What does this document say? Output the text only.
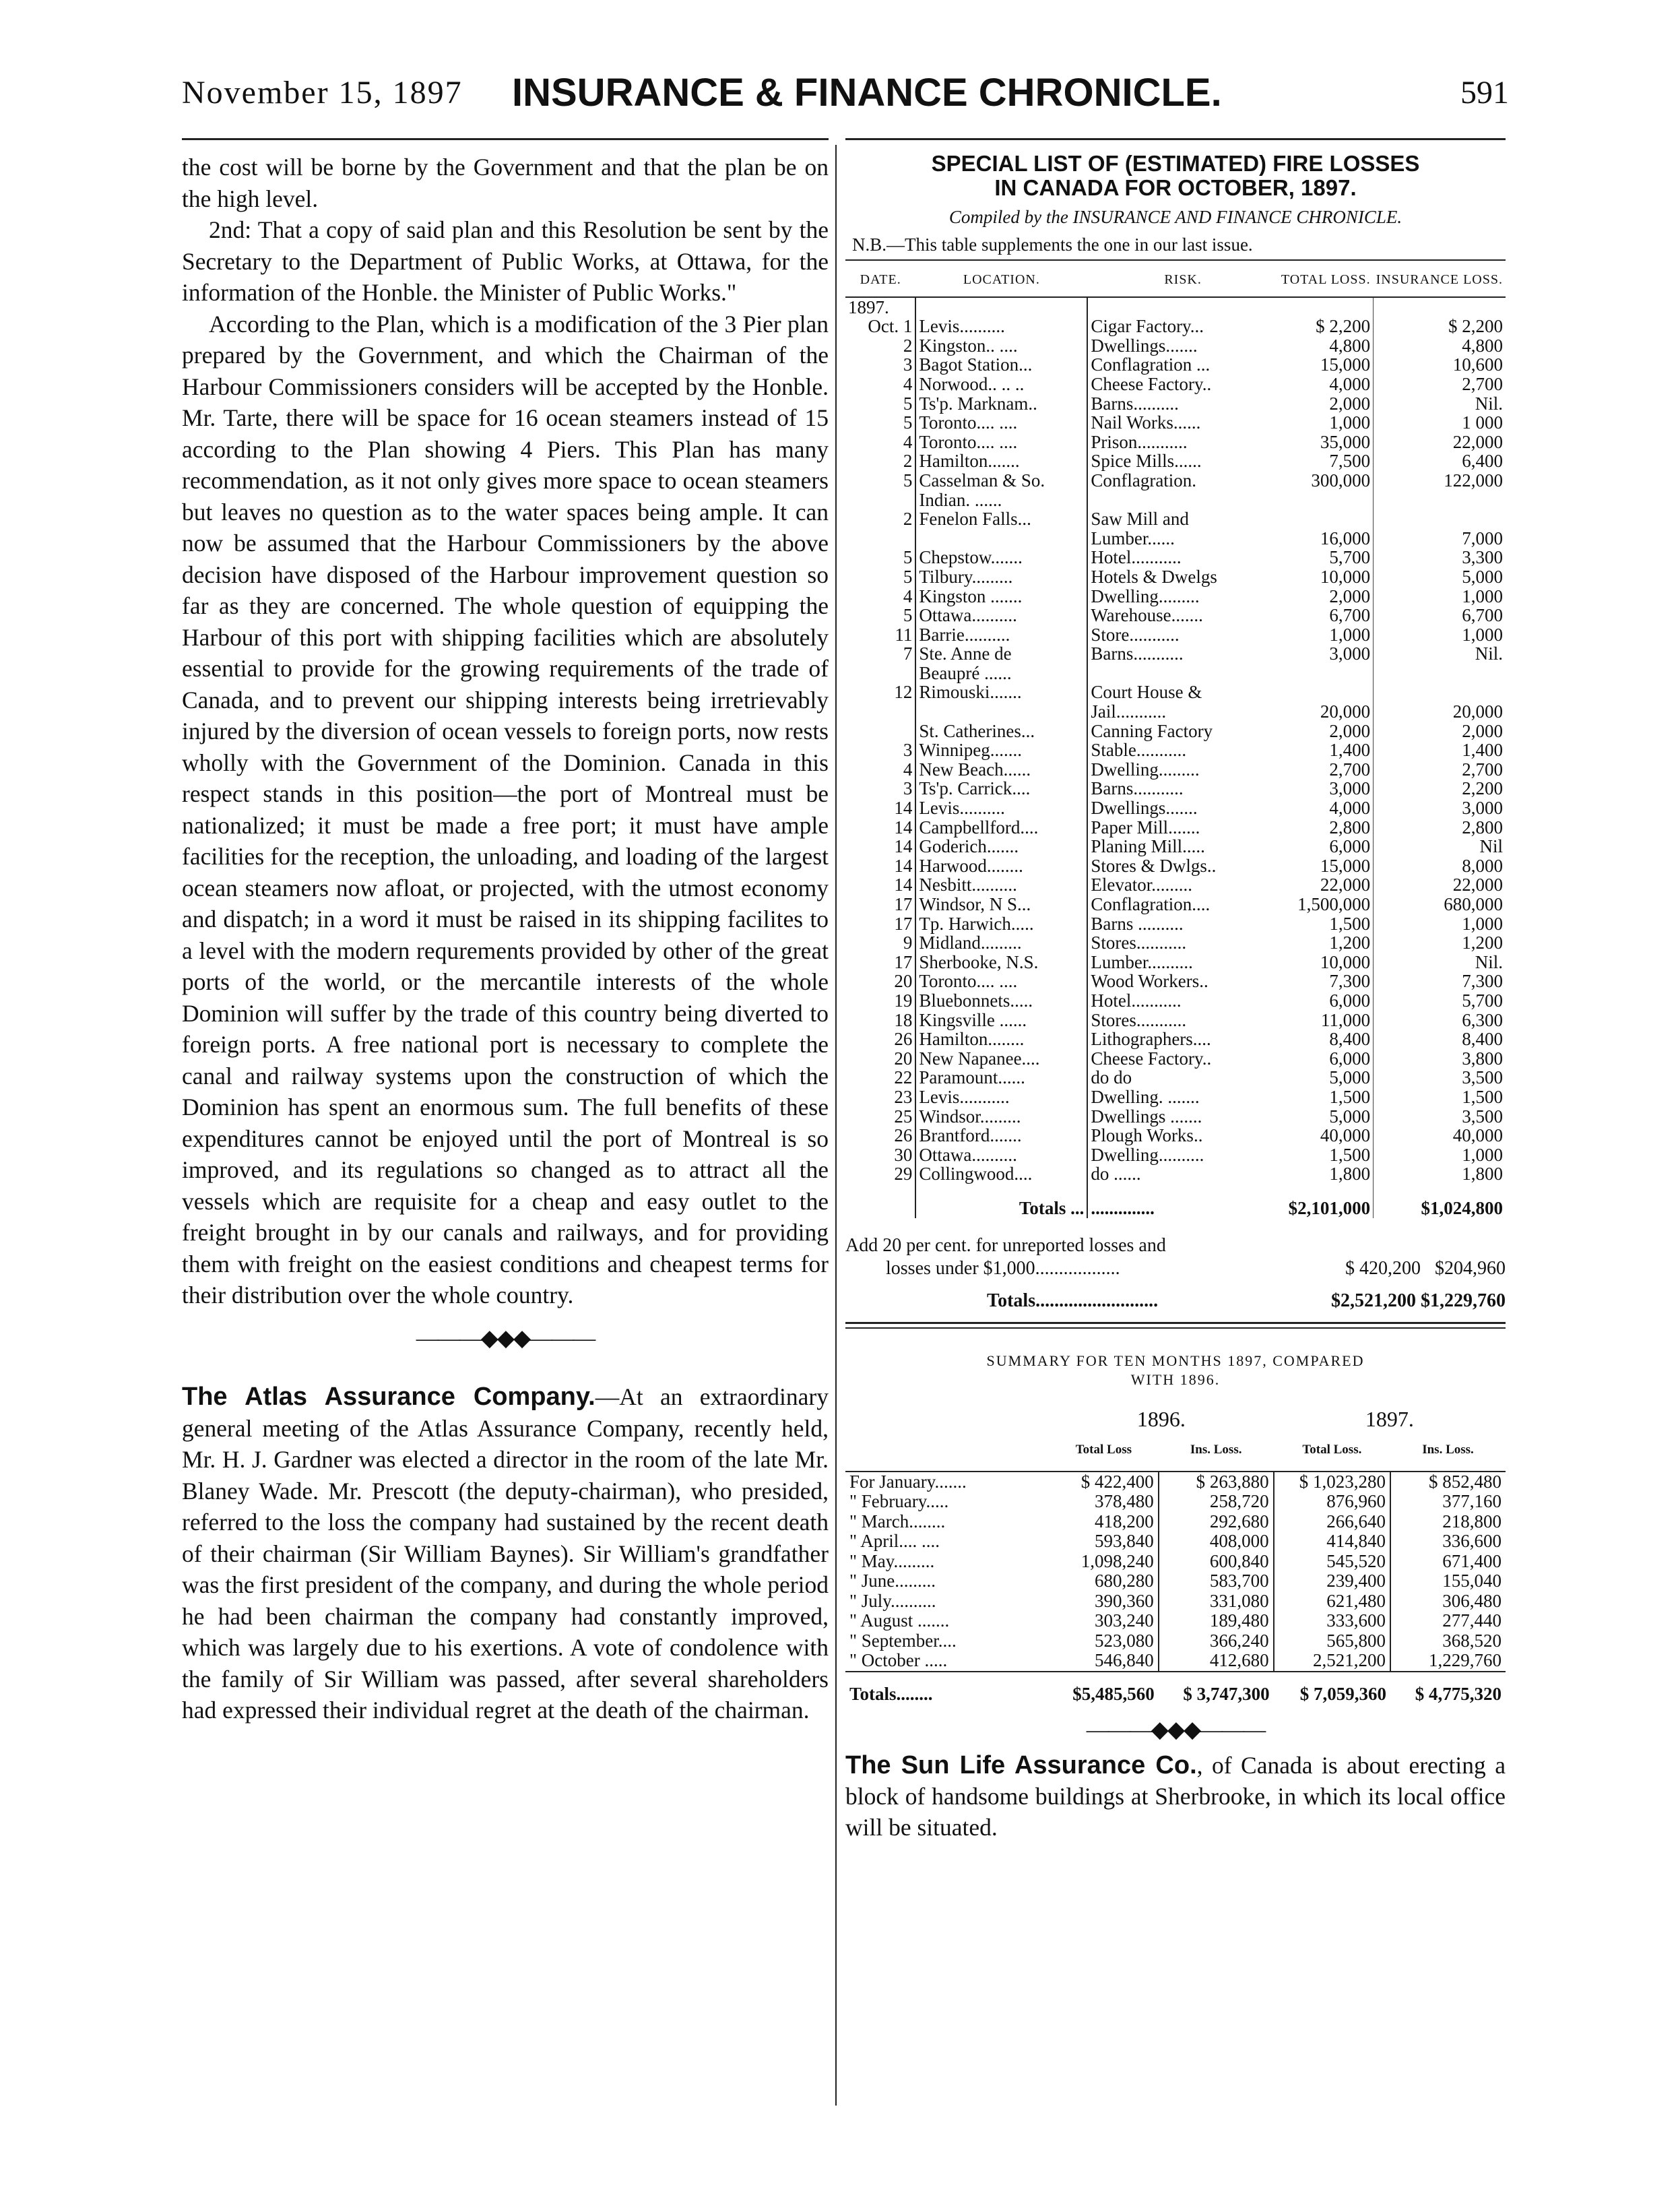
November 15, 1897 INSURANCE & FINANCE CHRONICLE.	591

the cost will be borne by the Government and that the plan be on the high level.

2nd: That a copy of said plan and this Resolution be sent by the Secretary to the Department of Public Works, at Ottawa, for the information of the Honble. the Minister of Public Works."

According to the Plan, which is a modification of the 3 Pier plan prepared by the Government, and which the Chairman of the Harbour Commissioners considers will be accepted by the Honble. Mr. Tarte, there will be space for 16 ocean steamers instead of 15 according to the Plan showing 4 Piers. This Plan has many recommendation, as it not only gives more space to ocean steamers but leaves no question as to the water spaces being ample. It can now be assumed that the Harbour Commissioners by the above decision have disposed of the Harbour improvement question so far as they are concerned. The whole question of equipping the Harbour of this port with shipping facilities which are absolutely essential to provide for the growing requirements of the trade of Canada, and to prevent our shipping interests being irretrievably injured by the diversion of ocean vessels to foreign ports, now rests wholly with the Government of the Dominion. Canada in this respect stands in this position—the port of Montreal must be nationalized; it must be made a free port; it must have ample facilities for the reception, the unloading, and loading of the largest ocean steamers now afloat, or projected, with the utmost economy and dispatch; in a word it must be raised in its shipping facilites to a level with the modern requrements provided by other of the great ports of the world, or the mercantile interests of the whole Dominion will suffer by the trade of this country being diverted to foreign ports. A free national port is necessary to complete the canal and railway systems upon the construction of which the Dominion has spent an enormous sum. The full benefits of these expenditures cannot be enjoyed until the port of Montreal is so improved, and its regulations so changed as to attract all the vessels which are requisite for a cheap and easy outlet to the freight brought in by our canals and railways, and for providing them with freight on the easiest conditions and cheapest terms for their distribution over the whole country.

———◆◆◆———

The Atlas Assurance Company.—At an extraordinary general meeting of the Atlas Assurance Company, recently held, Mr. H. J. Gardner was elected a director in the room of the late Mr. Blaney Wade. Mr. Prescott (the deputy-chairman), who presided, referred to the loss the company had sustained by the recent death of their chairman (Sir William Baynes). Sir William's grandfather was the first president of the company, and during the whole period he had been chairman the company had constantly improved, which was largely due to his exertions. A vote of condolence with the family of Sir William was passed, after several shareholders had expressed their individual regret at the death of the chairman.

SPECIAL LIST OF (ESTIMATED) FIRE LOSSES
IN CANADA FOR OCTOBER, 1897.
Compiled by the INSURANCE AND FINANCE CHRONICLE.
N.B.—This table supplements the one in our last issue.
DATE.	LOCATION.	RISK.	TOTAL LOSS.	INSURANCE LOSS.
1897.				
Oct. 1	Levis..........	Cigar Factory...	$ 2,200	$ 2,200
2	Kingston.. ....	Dwellings.......	4,800	4,800
3	Bagot Station...	Conflagration ...	15,000	10,600
4	Norwood.. .. ..	Cheese Factory..	4,000	2,700
5	Ts'p. Marknam..	Barns..........	2,000	Nil.
5	Toronto.... ....	Nail Works......	1,000	1 000
4	Toronto.... ....	Prison...........	35,000	22,000
2	Hamilton.......	Spice Mills......	7,500	6,400
5	Casselman & So.	Conflagration.	300,000	122,000
	Indian. ......			
2	Fenelon Falls...	Saw Mill and		
		Lumber......	16,000	7,000
5	Chepstow.......	Hotel...........	5,700	3,300
5	Tilbury.........	Hotels & Dwelgs	10,000	5,000
4	Kingston .......	Dwelling.........	2,000	1,000
5	Ottawa..........	Warehouse.......	6,700	6,700
11	Barrie..........	Store...........	1,000	1,000
7	Ste. Anne de	Barns...........	3,000	Nil.
	Beaupré ......			
12	Rimouski.......	Court House &		
		Jail...........	20,000	20,000
	St. Catherines...	Canning Factory	2,000	2,000
3	Winnipeg.......	Stable...........	1,400	1,400
4	New Beach......	Dwelling.........	2,700	2,700
3	Ts'p. Carrick....	Barns...........	3,000	2,200
14	Levis..........	Dwellings.......	4,000	3,000
14	Campbellford....	Paper Mill.......	2,800	2,800
14	Goderich.......	Planing Mill.....	6,000	Nil
14	Harwood........	Stores & Dwlgs..	15,000	8,000
14	Nesbitt..........	Elevator.........	22,000	22,000
17	Windsor, N S...	Conflagration....	1,500,000	680,000
17	Tp. Harwich.....	Barns ..........	1,500	1,000
9	Midland.........	Stores...........	1,200	1,200
17	Sherbooke, N.S.	Lumber..........	10,000	Nil.
20	Toronto.... ....	Wood Workers..	7,300	7,300
19	Bluebonnets.....	Hotel...........	6,000	5,700
18	Kingsville ......	Stores...........	11,000	6,300
26	Hamilton........	Lithographers....	8,400	8,400
20	New Napanee....	Cheese Factory..	6,000	3,800
22	Paramount......	do do	5,000	3,500
23	Levis...........	Dwelling. .......	1,500	1,500
25	Windsor.........	Dwellings .......	5,000	3,500
26	Brantford.......	Plough Works..	40,000	40,000
30	Ottawa..........	Dwelling..........	1,500	1,000
29	Collingwood....	do ......	1,800	1,800
	Totals ...	..............	$2,101,000	$1,024,800
Add 20 per cent. for unreported losses and
losses under $1,000..................	$ 420,200 $204,960
Totals..........................	$2,521,200 $1,229,760
SUMMARY FOR TEN MONTHS 1897, COMPARED
WITH 1896.
	1896.		1897.	
	Total Loss	Ins. Loss.	Total Loss.	Ins. Loss.
For January.......	$ 422,400	$ 263,880	$ 1,023,280	$ 852,480
" February.....	378,480	258,720	876,960	377,160
" March........	418,200	292,680	266,640	218,800
" April.... ....	593,840	408,000	414,840	336,600
" May.........	1,098,240	600,840	545,520	671,400
" June.........	680,280	583,700	239,400	155,040
" July..........	390,360	331,080	621,480	306,480
" August .......	303,240	189,480	333,600	277,440
" September....	523,080	366,240	565,800	368,520
" October .....	546,840	412,680	2,521,200	1,229,760
Totals........	$5,485,560	$ 3,747,300	$ 7,059,360	$ 4,775,320
———◆◆◆———

The Sun Life Assurance Co., of Canada is about erecting a block of handsome buildings at Sherbrooke, in which its local office will be situated.
